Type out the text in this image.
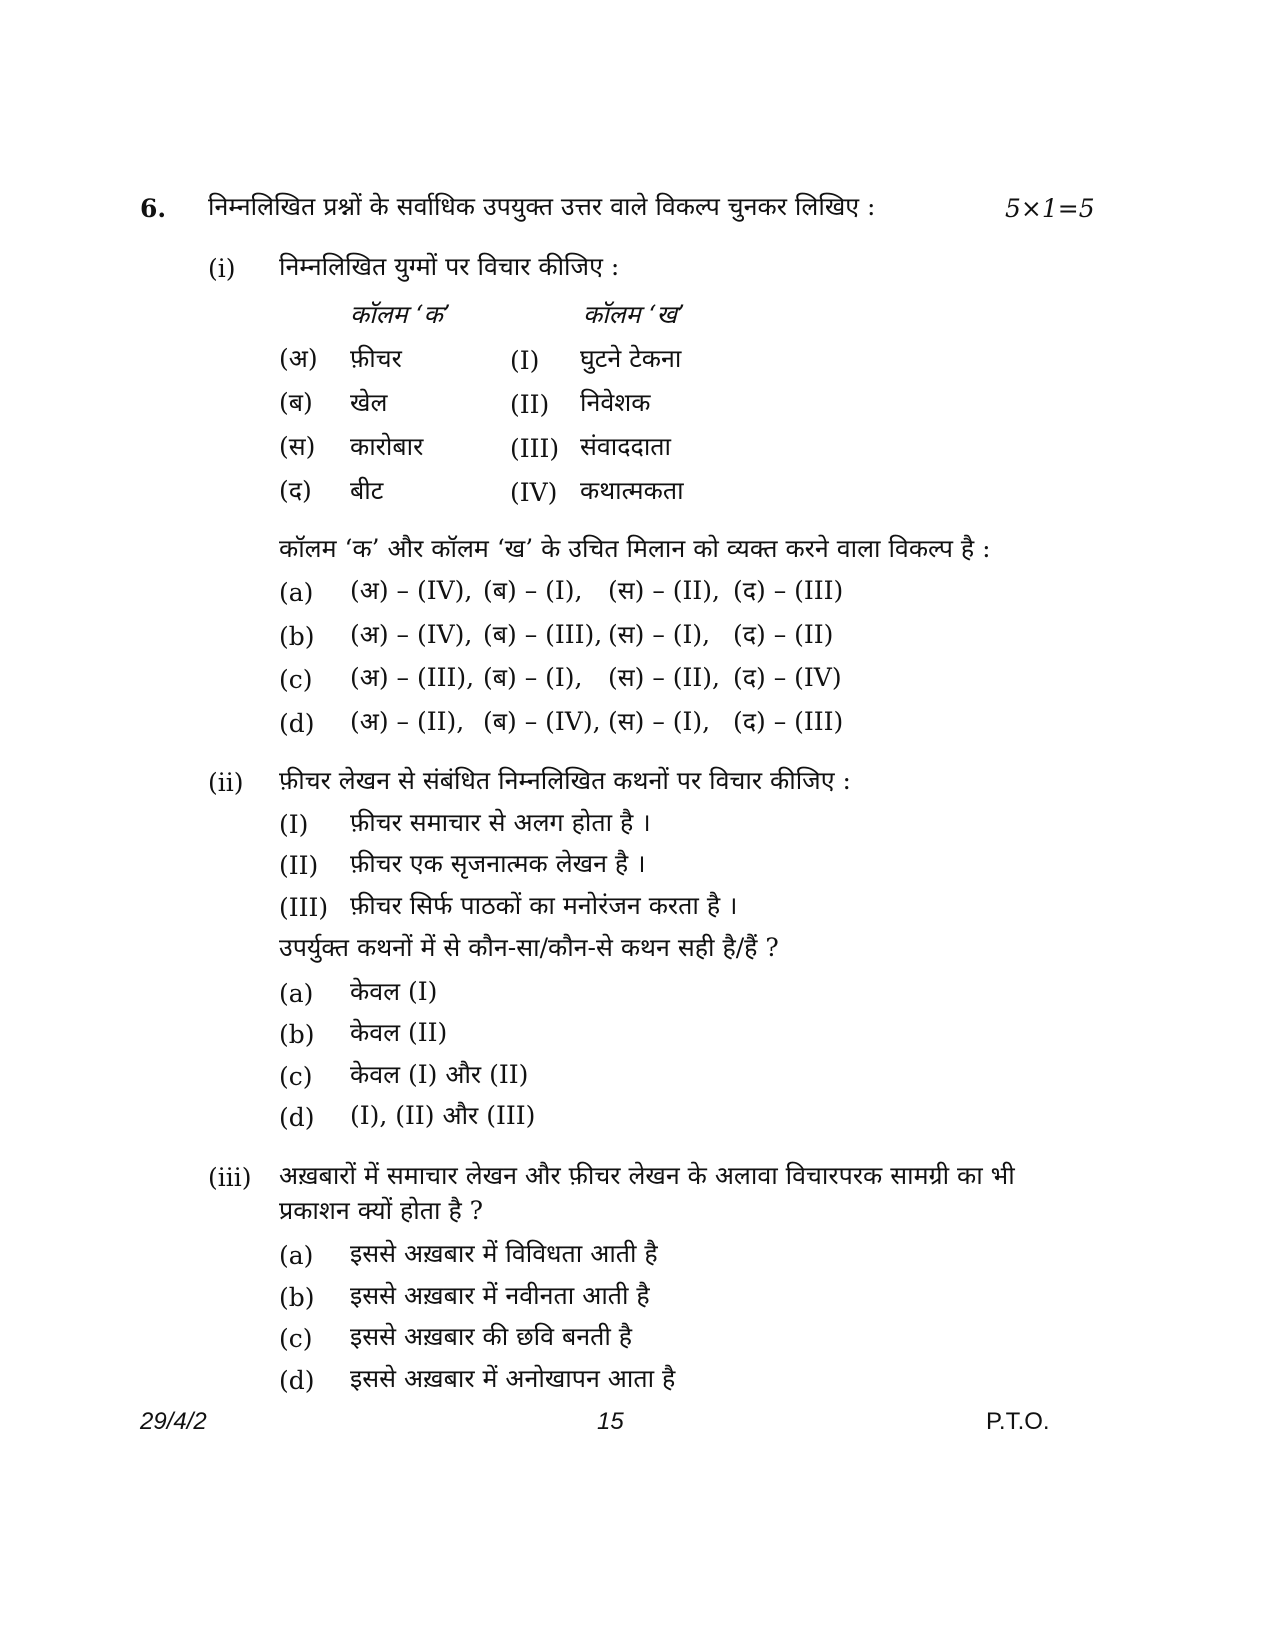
6. निम्नलिखित प्रश्नों के सर्वाधिक उपयुक्त उत्तर वाले विकल्प चुनकर लिखिए :	5×1=5
(i) निम्नलिखित युग्मों पर विचार कीजिए :
कॉलम ‘क’	कॉलम ‘ख’
(अ) फ़ीचर	(I) घुटने टेकना
(ब) खेल	(II) निवेशक
(स) कारोबार	(III) संवाददाता
(द) बीट	(IV) कथात्मकता
कॉलम ‘क’ और कॉलम ‘ख’ के उचित मिलान को व्यक्त करने वाला विकल्प है :
(a) (अ) – (IV), (ब) – (I), (स) – (II), (द) – (III)
(b) (अ) – (IV), (ब) – (III), (स) – (I), (द) – (II)
(c) (अ) – (III), (ब) – (I), (स) – (II), (द) – (IV)
(d) (अ) – (II), (ब) – (IV), (स) – (I), (द) – (III)
(ii) फ़ीचर लेखन से संबंधित निम्नलिखित कथनों पर विचार कीजिए :
(I) फ़ीचर समाचार से अलग होता है ।
(II) फ़ीचर एक सृजनात्मक लेखन है ।
(III) फ़ीचर सिर्फ पाठकों का मनोरंजन करता है ।
उपर्युक्त कथनों में से कौन-सा/कौन-से कथन सही है/हैं ?
(a) केवल (I)
(b) केवल (II)
(c) केवल (I) और (II)
(d) (I), (II) और (III)
(iii) अख़बारों में समाचार लेखन और फ़ीचर लेखन के अलावा विचारपरक सामग्री का भी
प्रकाशन क्यों होता है ?
(a) इससे अख़बार में विविधता आती है
(b) इससे अख़बार में नवीनता आती है
(c) इससे अख़बार की छवि बनती है
(d) इससे अख़बार में अनोखापन आता है
29/4/2	15	P.T.O.
